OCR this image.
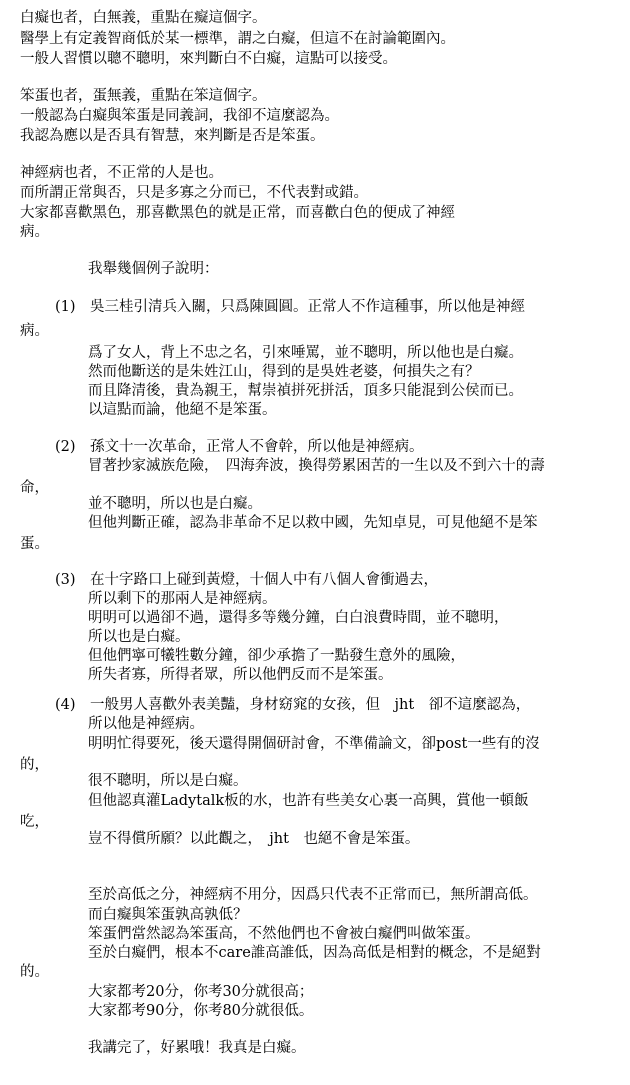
白癡也者，白無義，重點在癡這個字。
醫學上有定義智商低於某一標準，謂之白癡，但這不在討論範圍內。
一般人習慣以聰不聰明，來判斷白不白癡，這點可以接受。
笨蛋也者，蛋無義，重點在笨這個字。
一般認為白癡與笨蛋是同義詞，我卻不這麼認為。
我認為應以是否具有智慧，來判斷是否是笨蛋。
神經病也者，不正常的人是也。
而所謂正常與否，只是多寡之分而已，不代表對或錯。
大家都喜歡黑色，那喜歡黑色的就是正常，而喜歡白色的便成了神經
病。
我舉幾個例子說明：
(1)　吳三桂引清兵入關，只爲陳圓圓。正常人不作這種事，所以他是神經
病。
爲了女人，背上不忠之名，引來唾罵，並不聰明，所以他也是白癡。
然而他斷送的是朱姓江山，得到的是吳姓老婆，何損失之有？
而且降清後，貴為親王，幫崇禎拼死拼活，頂多只能混到公侯而已。
以這點而論，他絕不是笨蛋。
(2)　孫文十一次革命，正常人不會幹，所以他是神經病。
冒著抄家滅族危險，　四海奔波，換得勞累困苦的一生以及不到六十的壽
命，
並不聰明，所以也是白癡。
但他判斷正確，認為非革命不足以救中國，先知卓見，可見他絕不是笨
蛋。
(3)　在十字路口上碰到黃燈，十個人中有八個人會衝過去，
所以剩下的那兩人是神經病。
明明可以過卻不過，還得多等幾分鐘，白白浪費時間，並不聰明，
所以也是白癡。
但他們寧可犧牲數分鐘，卻少承擔了一點發生意外的風險，
所失者寡，所得者眾，所以他們反而不是笨蛋。
(4)　一般男人喜歡外表美豔，身材窈窕的女孩，但　jht　卻不這麼認為，
所以他是神經病。
明明忙得要死，後天還得開個研討會，不準備論文，卻post一些有的沒
的，
很不聰明，所以是白癡。
但他認真灌Ladytalk板的水，也許有些美女心裏一高興，賞他一頓飯
吃，
豈不得償所願？以此觀之，　jht　也絕不會是笨蛋。
至於高低之分，神經病不用分，因爲只代表不正常而已，無所謂高低。
而白癡與笨蛋孰高孰低？
笨蛋們當然認為笨蛋高，不然他們也不會被白癡們叫做笨蛋。
至於白癡們，根本不care誰高誰低，因為高低是相對的概念，不是絕對
的。
大家都考20分，你考30分就很高；
大家都考90分，你考80分就很低。
我講完了，好累哦！我真是白癡。
